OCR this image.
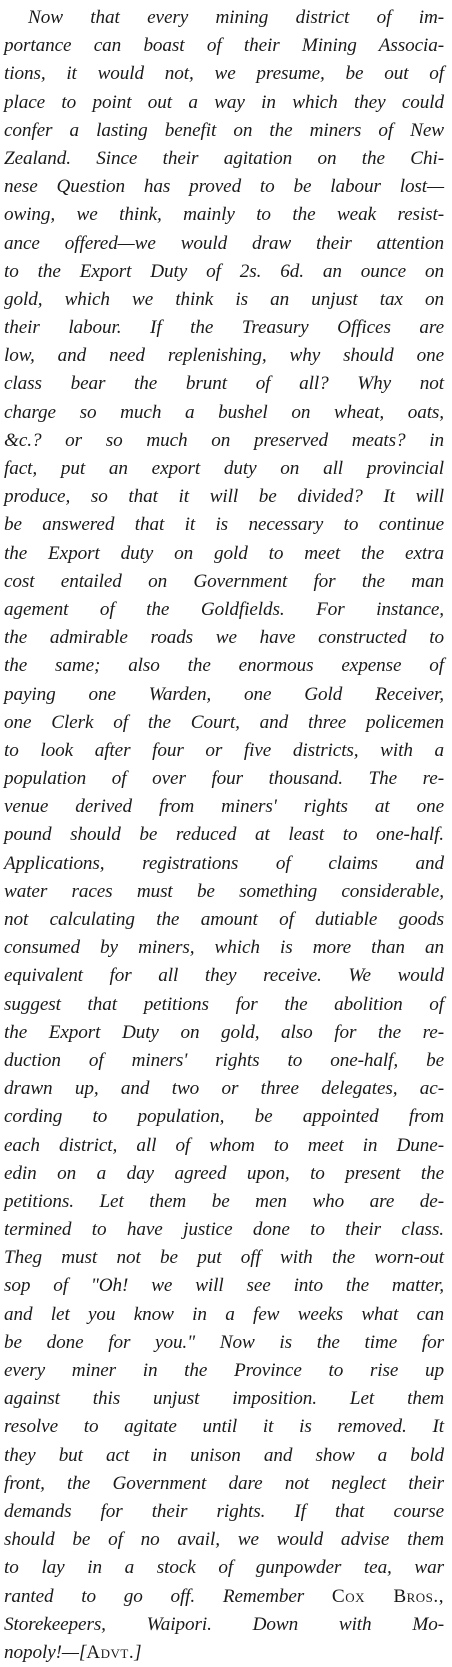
Now that every mining district of im-
portance can boast of their Mining Associa-
tions, it would not, we presume, be out of
place to point out a way in which they could
confer a lasting benefit on the miners of New
Zealand. Since their agitation on the Chi-
nese Question has proved to be labour lost—
owing, we think, mainly to the weak resist-
ance offered—we would draw their attention
to the Export Duty of 2s. 6d. an ounce on
gold, which we think is an unjust tax on
their labour. If the Treasury Offices are
low, and need replenishing, why should one
class bear the brunt of all? Why not
charge so much a bushel on wheat, oats,
&c.? or so much on preserved meats? in
fact, put an export duty on all provincial
produce, so that it will be divided? It will
be answered that it is necessary to continue
the Export duty on gold to meet the extra
cost entailed on Government for the man
agement of the Goldfields. For instance,
the admirable roads we have constructed to
the same; also the enormous expense of
paying one Warden, one Gold Receiver,
one Clerk of the Court, and three policemen
to look after four or five districts, with a
population of over four thousand. The re-
venue derived from miners' rights at one
pound should be reduced at least to one-half.
Applications, registrations of claims and
water races must be something considerable,
not calculating the amount of dutiable goods
consumed by miners, which is more than an
equivalent for all they receive. We would
suggest that petitions for the abolition of
the Export Duty on gold, also for the re-
duction of miners' rights to one-half, be
drawn up, and two or three delegates, ac-
cording to population, be appointed from
each district, all of whom to meet in Dune-
edin on a day agreed upon, to present the
petitions. Let them be men who are de-
termined to have justice done to their class.
Theg must not be put off with the worn-out
sop of "Oh! we will see into the matter,
and let you know in a few weeks what can
be done for you." Now is the time for
every miner in the Province to rise up
against this unjust imposition. Let them
resolve to agitate until it is removed. It
they but act in unison and show a bold
front, the Government dare not neglect their
demands for their rights. If that course
should be of no avail, we would advise them
to lay in a stock of gunpowder tea, war
ranted to go off. Remember Cox Bros.,
Storekeepers, Waipori. Down with Mo-
nopoly!—[Advt.]
